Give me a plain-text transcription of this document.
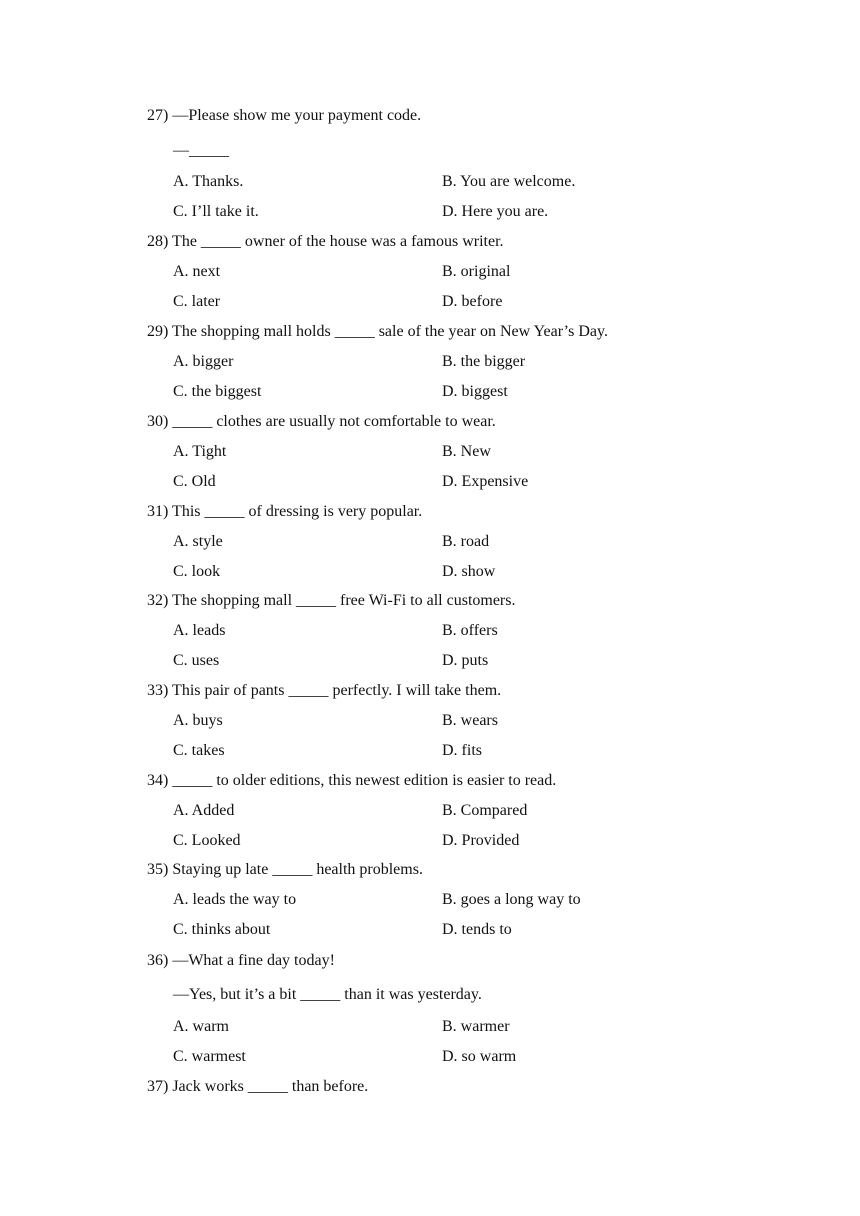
27) —Please show me your payment code.
—_____
A. Thanks.	B. You are welcome.
C. I’ll take it.	D. Here you are.
28) The _____ owner of the house was a famous writer.
A. next	B. original
C. later	D. before
29) The shopping mall holds _____ sale of the year on New Year’s Day.
A. bigger	B. the bigger
C. the biggest	D. biggest
30) _____ clothes are usually not comfortable to wear.
A. Tight	B. New
C. Old	D. Expensive
31) This _____ of dressing is very popular.
A. style	B. road
C. look	D. show
32) The shopping mall _____ free Wi-Fi to all customers.
A. leads	B. offers
C. uses	D. puts
33) This pair of pants _____ perfectly. I will take them.
A. buys	B. wears
C. takes	D. fits
34) _____ to older editions, this newest edition is easier to read.
A. Added	B. Compared
C. Looked	D. Provided
35) Staying up late _____ health problems.
A. leads the way to	B. goes a long way to
C. thinks about	D. tends to
36) —What a fine day today!
—Yes, but it’s a bit _____ than it was yesterday.
A. warm	B. warmer
C. warmest	D. so warm
37) Jack works _____ than before.
